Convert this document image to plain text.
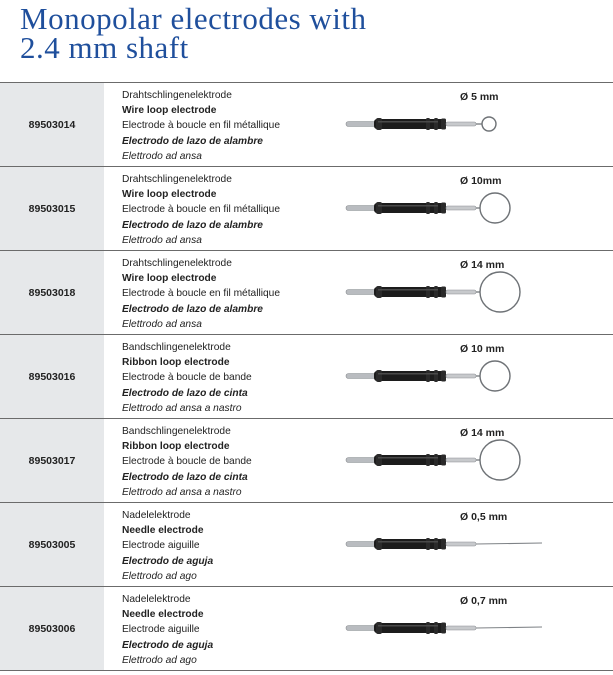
Monopolar electrodes with
2.4 mm shaft
89503014
Drahtschlingenelektrode
Wire loop electrode
Electrode à boucle en fil métallique
Electrodo de lazo de alambre
Elettrodo ad ansa
Ø 5 mm
89503015
Drahtschlingenelektrode
Wire loop electrode
Electrode à boucle en fil métallique
Electrodo de lazo de alambre
Elettrodo ad ansa
Ø 10mm
89503018
Drahtschlingenelektrode
Wire loop electrode
Electrode à boucle en fil métallique
Electrodo de lazo de alambre
Elettrodo ad ansa
Ø 14 mm
89503016
Bandschlingenelektrode
Ribbon loop electrode
Electrode à boucle de bande
Electrodo de lazo de cinta
Elettrodo ad ansa a nastro
Ø 10 mm
89503017
Bandschlingenelektrode
Ribbon loop electrode
Electrode à boucle de bande
Electrodo de lazo de cinta
Elettrodo ad ansa a nastro
Ø 14 mm
89503005
Nadelelektrode
Needle electrode
Electrode aiguille
Electrodo de aguja
Elettrodo ad ago
Ø 0,5 mm
89503006
Nadelelektrode
Needle electrode
Electrode aiguille
Electrodo de aguja
Elettrodo ad ago
Ø 0,7 mm
